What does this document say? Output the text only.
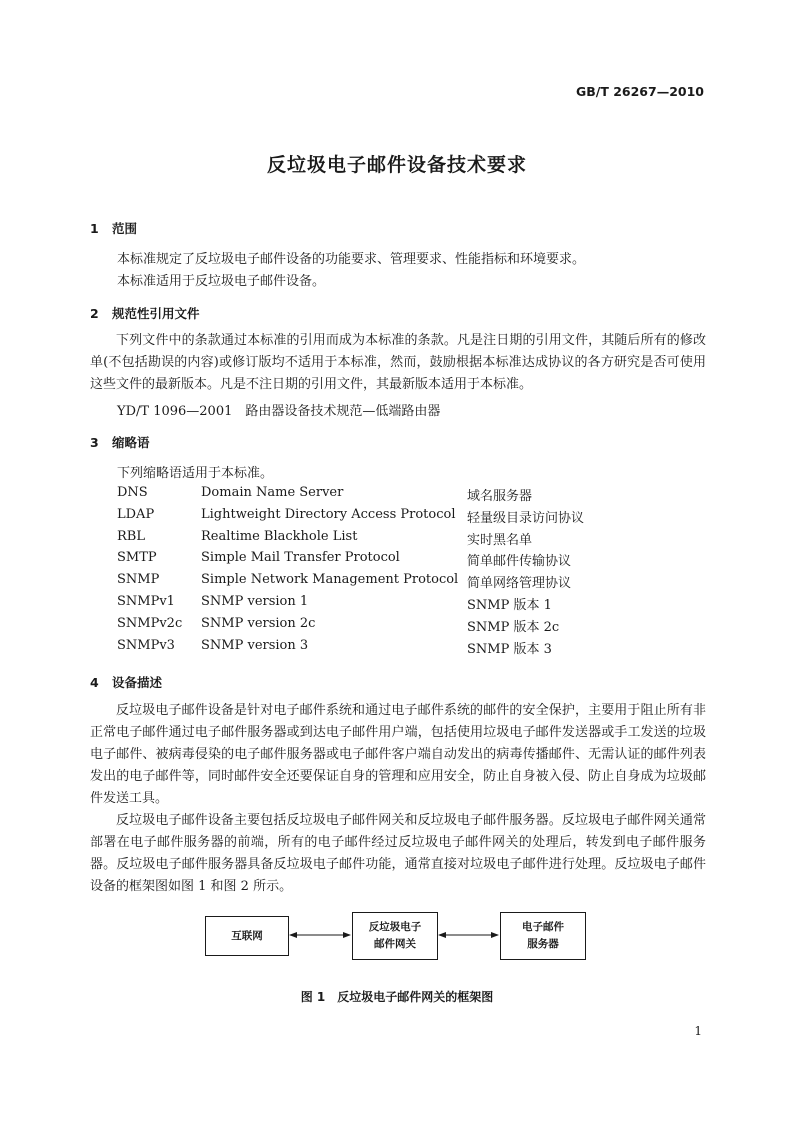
GB/T 26267—2010
反垃圾电子邮件设备技术要求
1 范围
本标准规定了反垃圾电子邮件设备的功能要求、管理要求、性能指标和环境要求。
本标准适用于反垃圾电子邮件设备。
2 规范性引用文件
下列文件中的条款通过本标准的引用而成为本标准的条款。凡是注日期的引用文件，其随后所有的修改单(不包括勘误的内容)或修订版均不适用于本标准，然而，鼓励根据本标准达成协议的各方研究是否可使用这些文件的最新版本。凡是不注日期的引用文件，其最新版本适用于本标准。
YD/T 1096—2001　路由器设备技术规范—低端路由器
3 缩略语
下列缩略语适用于本标准。
DNS	Domain Name Server	域名服务器
LDAP	Lightweight Directory Access Protocol 轻量级目录访问协议
RBL	Realtime Blackhole List	实时黑名单
SMTP	Simple Mail Transfer Protocol	简单邮件传输协议
SNMP	Simple Network Management Protocol 简单网络管理协议
SNMPv1 SNMP version 1	SNMP 版本 1
SNMPv2c SNMP version 2c	SNMP 版本 2c
SNMPv3 SNMP version 3	SNMP 版本 3
4 设备描述
反垃圾电子邮件设备是针对电子邮件系统和通过电子邮件系统的邮件的安全保护，主要用于阻止所有非正常电子邮件通过电子邮件服务器或到达电子邮件用户端，包括使用垃圾电子邮件发送器或手工发送的垃圾电子邮件、被病毒侵染的电子邮件服务器或电子邮件客户端自动发出的病毒传播邮件、无需认证的邮件列表发出的电子邮件等，同时邮件安全还要保证自身的管理和应用安全，防止自身被入侵、防止自身成为垃圾邮件发送工具。
反垃圾电子邮件设备主要包括反垃圾电子邮件网关和反垃圾电子邮件服务器。反垃圾电子邮件网关通常部署在电子邮件服务器的前端，所有的电子邮件经过反垃圾电子邮件网关的处理后，转发到电子邮件服务器。反垃圾电子邮件服务器具备反垃圾电子邮件功能，通常直接对垃圾电子邮件进行处理。反垃圾电子邮件设备的框架图如图 1 和图 2 所示。
互联网
反垃圾电子
邮件网关
电子邮件
服务器
图 1　反垃圾电子邮件网关的框架图
1
